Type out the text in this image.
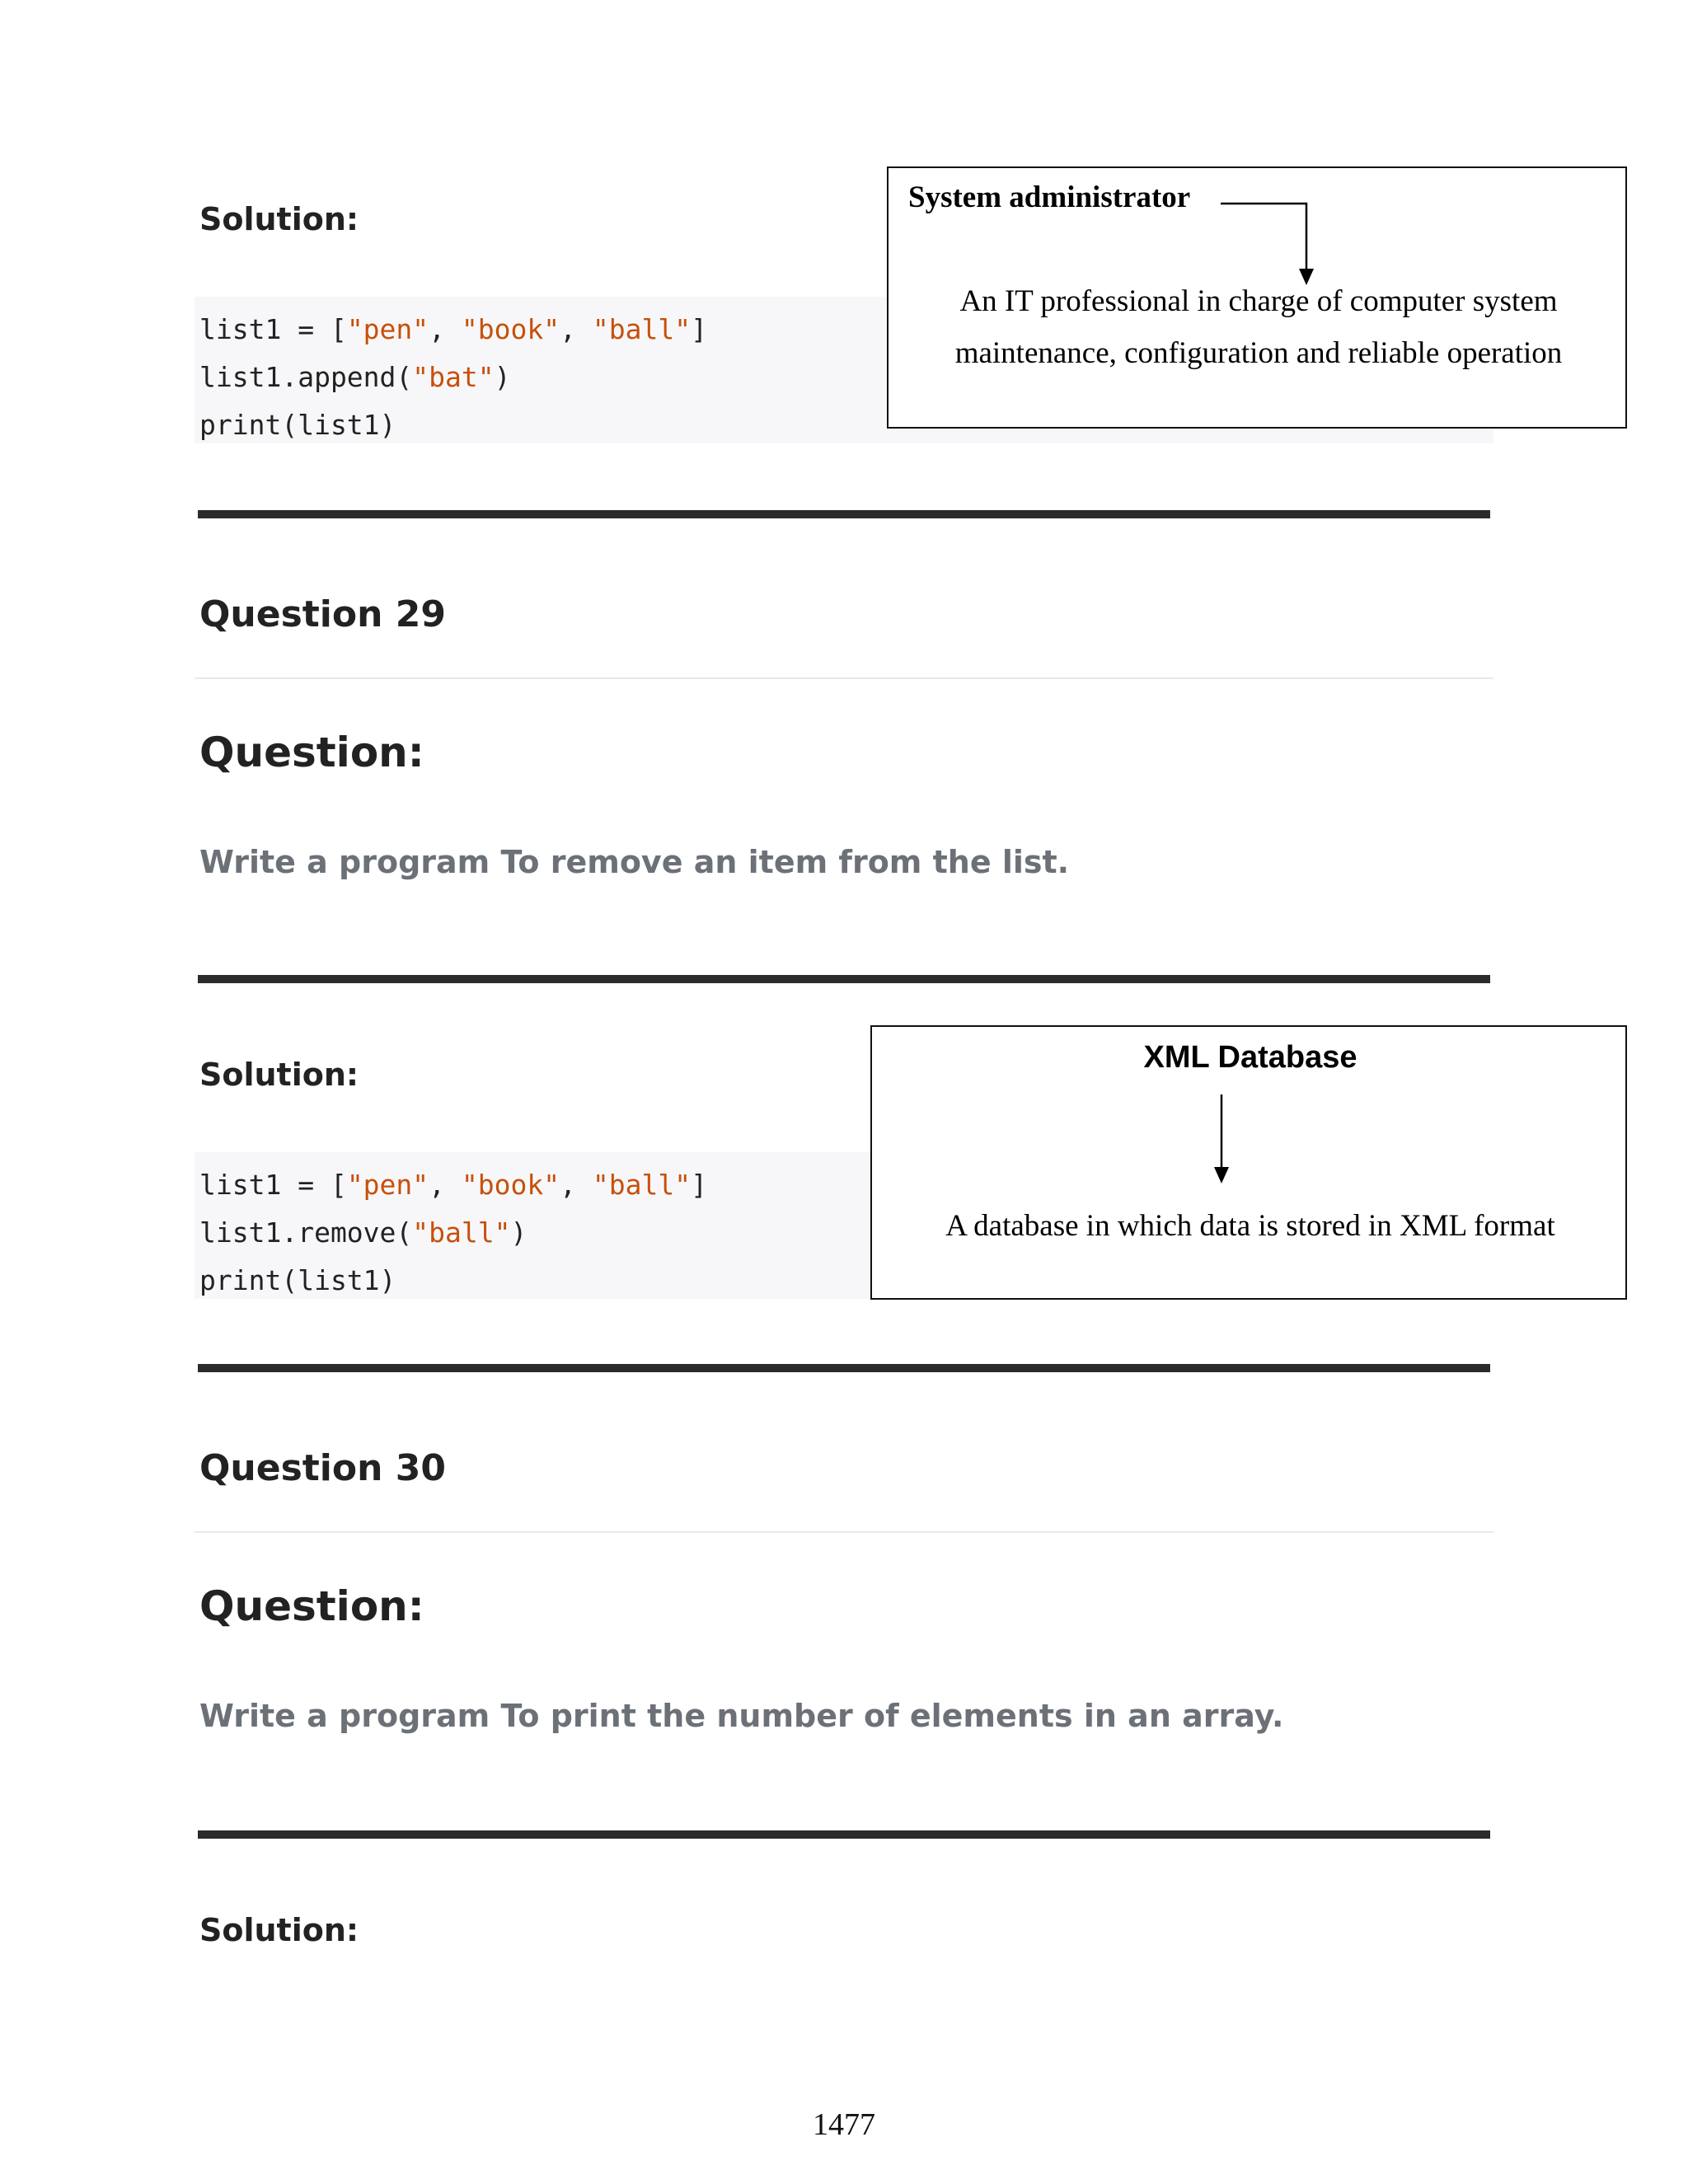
Solution:
list1 = ["pen", "book", "ball"]
list1.append("bat")
print(list1)
System administrator
An IT professional in charge of computer system
maintenance, configuration and reliable operation
Question 29
Question:
Write a program To remove an item from the list.
Solution:
list1 = ["pen", "book", "ball"]
list1.remove("ball")
print(list1)
XML Database
A database in which data is stored in XML format
Question 30
Question:
Write a program To print the number of elements in an array.
Solution:
1477
